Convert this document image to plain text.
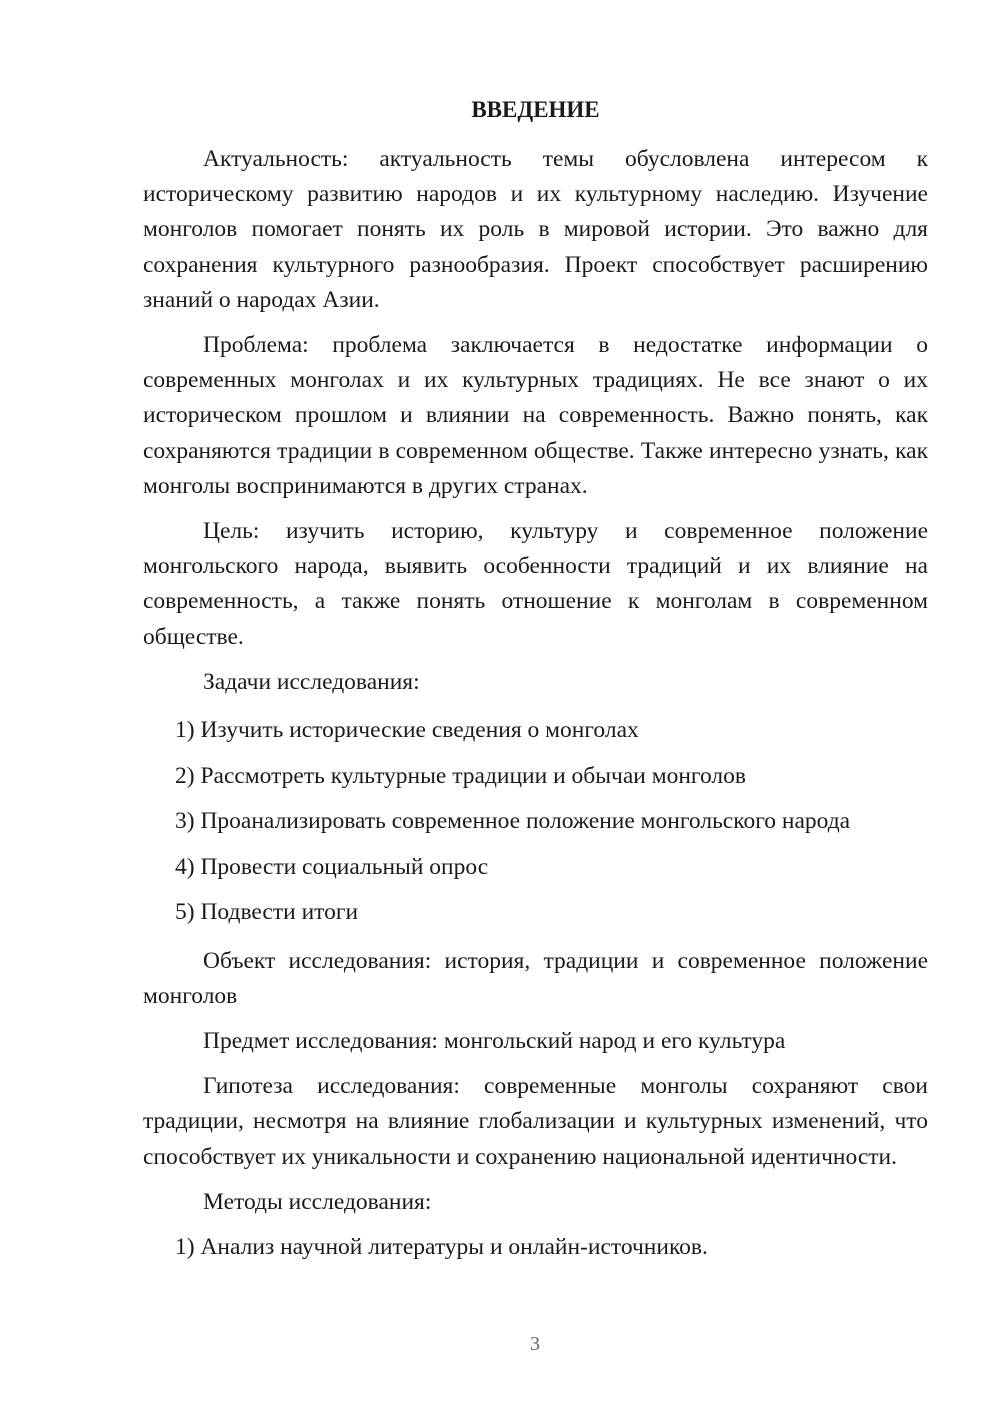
ВВЕДЕНИЕ

Актуальность: актуальность темы обусловлена интересом к историческому развитию народов и их культурному наследию. Изучение монголов помогает понять их роль в мировой истории. Это важно для сохранения культурного разнообразия. Проект способствует расширению знаний о народах Азии.

Проблема: проблема заключается в недостатке информации о современных монголах и их культурных традициях. Не все знают о их историческом прошлом и влиянии на современность. Важно понять, как сохраняются традиции в современном обществе. Также интересно узнать, как монголы воспринимаются в других странах.

Цель: изучить историю, культуру и современное положение монгольского народа, выявить особенности традиций и их влияние на современность, а также понять отношение к монголам в современном обществе.

Задачи исследования:

1) Изучить исторические сведения о монголах
2) Рассмотреть культурные традиции и обычаи монголов
3) Проанализировать современное положение монгольского народа
4) Провести социальный опрос
5) Подвести итоги

Объект исследования: история, традиции и современное положение монголов

Предмет исследования: монгольский народ и его культура

Гипотеза исследования: современные монголы сохраняют свои традиции, несмотря на влияние глобализации и культурных изменений, что способствует их уникальности и сохранению национальной идентичности.

Методы исследования:

1) Анализ научной литературы и онлайн-источников.
3
